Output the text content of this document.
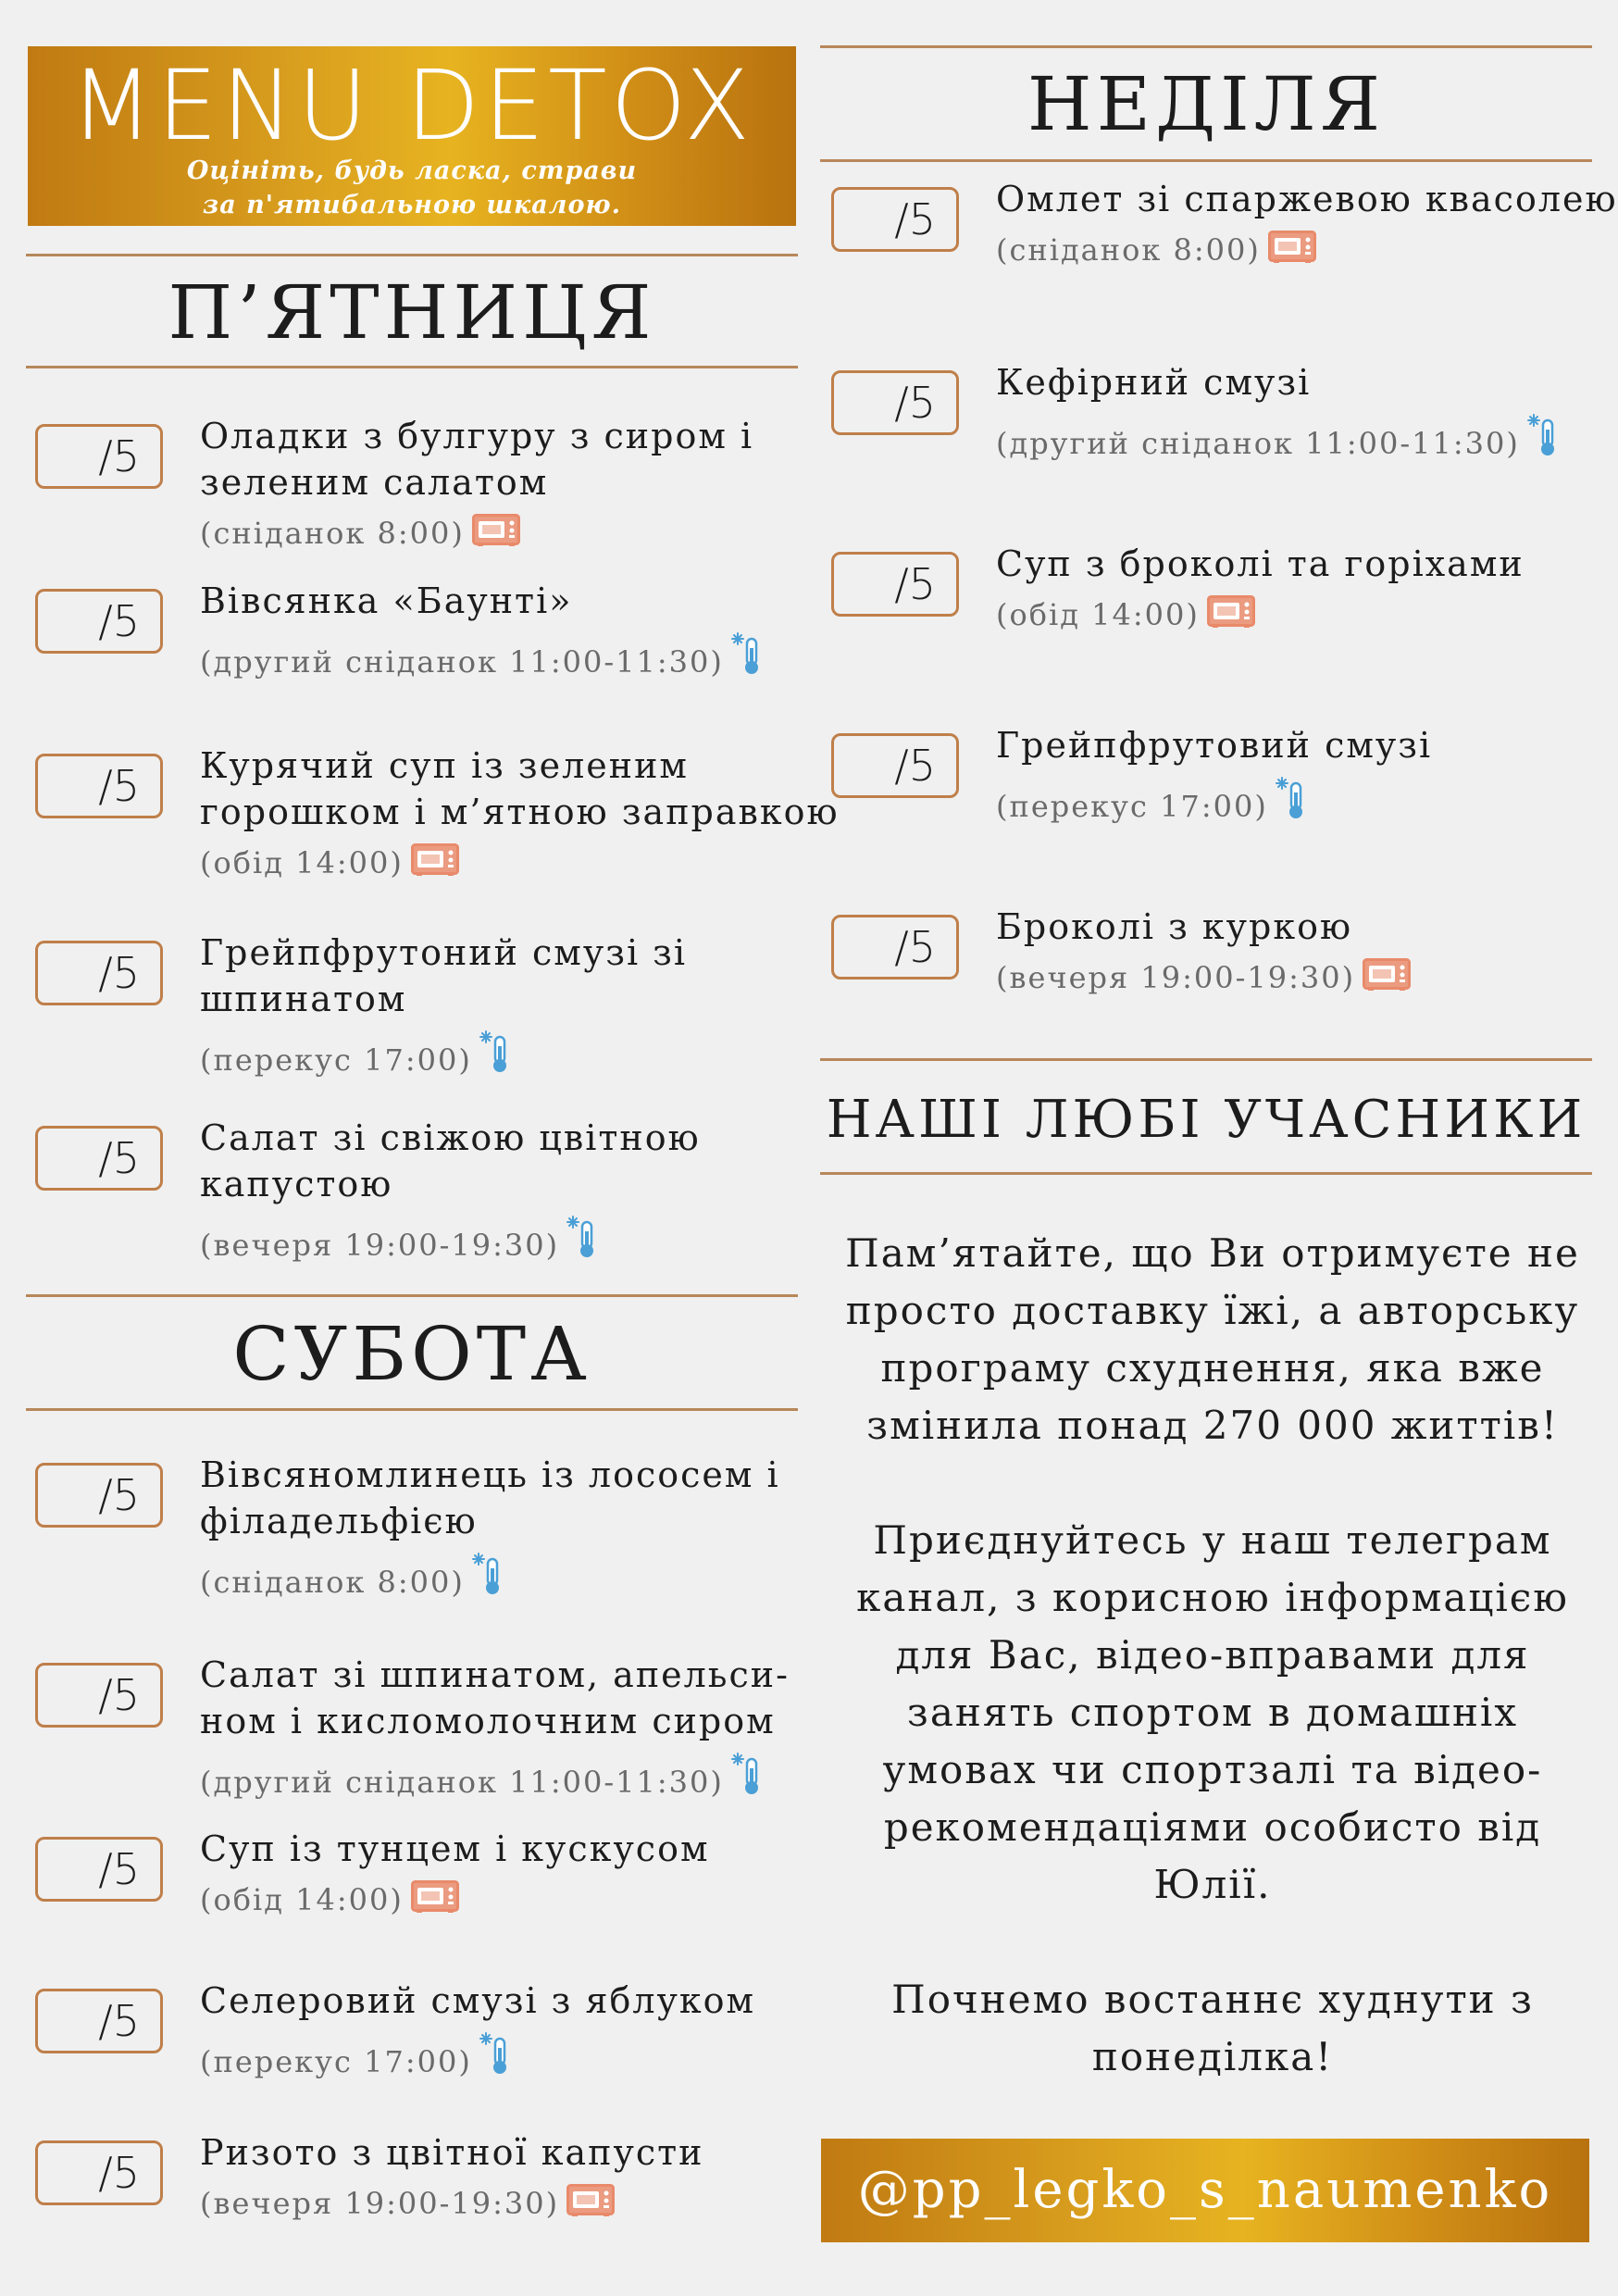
MENU DETOX
Оцініть, будь ласка, страви
за п'ятибальною шкалою.
П’ЯТНИЦЯ
/5	Оладки з булгуру з сиром і зеленим салатом
(сніданок 8:00)
/5	Вівсянка «Баунті»
(другий сніданок 11:00-11:30)
/5	Курячий суп із зеленим горошком і м’ятною заправкою
(обід 14:00)
/5	Грейпфрутоний смузі зі шпинатом
(перекус 17:00)
/5	Салат зі свіжою цвітною капустою
(вечеря 19:00-19:30)
СУБОТА
/5	Вівсяномлинець із лососем і філадельфією
(сніданок 8:00)
/5	Салат зі шпинатом, апельси-ном і кисломолочним сиром
(другий сніданок 11:00-11:30)
/5	Суп із тунцем і кускусом
(обід 14:00)
/5	Селеровий смузі з яблуком
(перекус 17:00)
/5	Ризото з цвітної капусти
(вечеря 19:00-19:30)
НЕДІЛЯ
/5	Омлет зі спаржевою квасолею
(сніданок 8:00)
/5	Кефірний смузі
(другий сніданок 11:00-11:30)
/5	Суп з броколі та горіхами
(обід 14:00)
/5	Грейпфрутовий смузі
(перекус 17:00)
/5	Броколі з куркою
(вечеря 19:00-19:30)
НАШІ ЛЮБІ УЧАСНИКИ

Пам’ятайте, що Ви отримуєте не просто доставку їжі, а авторську програму схуднення, яка вже змінила понад 270 000 життів!

Приєднуйтесь у наш телеграм канал, з корисною інформацією для Вас, відео-вправами для занять спортом в домашніх умовах чи спортзалі та відео-рекомендаціями особисто від Юлії.

Почнемо востаннє худнути з понеділка!

@pp_legko_s_naumenko
